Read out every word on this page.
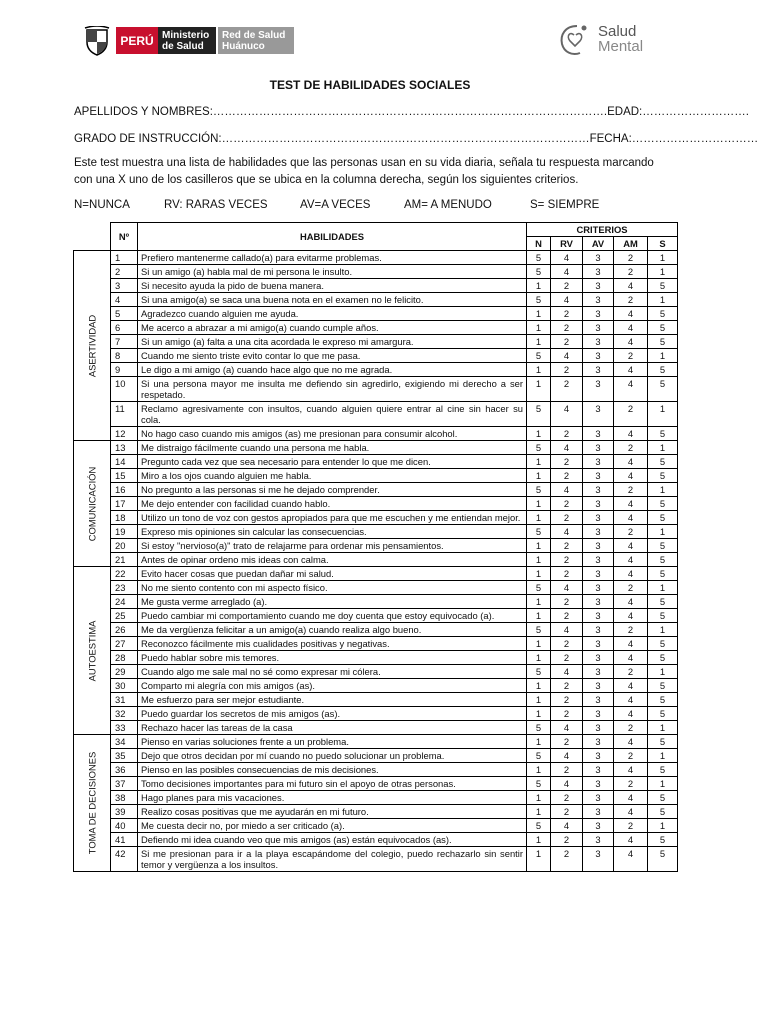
PERÚ Ministerio
de Salud
Red de Salud
Huánuco
Salud
Mental
TEST DE HABILIDADES SOCIALES
APELLIDOS Y NOMBRES:………………………………………………………………………………………….EDAD:……………………….
GRADO DE INSTRUCCIÓN:……………………………………………………………………………………FECHA:……………………………
Este test muestra una lista de habilidades que las personas usan en su vida diaria, señala tu respuesta marcando con una X uno de los casilleros que se ubica en la columna derecha, según los siguientes criterios.
N=NUNCA	RV: RARAS VECES	AV=A VECES	AM= A MENUDO	S= SIEMPRE
	Nº	HABILIDADES	CRITERIOS				
			N	RV	AV	AM	S

ASERTIVIDAD	1	Prefiero mantenerme callado(a) para evitarme problemas.	5	4	3	2	1
	2	Si un amigo (a) habla mal de mi persona le insulto.	5	4	3	2	1
	3	Si necesito ayuda la pido de buena manera.	1	2	3	4	5
	4	Si una amigo(a) se saca una buena nota en el examen no le felicito.	5	4	3	2	1
	5	Agradezco cuando alguien me ayuda.	1	2	3	4	5
	6	Me acerco a abrazar a mi amigo(a) cuando cumple años.	1	2	3	4	5
	7	Si un amigo (a) falta a una cita acordada le expreso mi amargura.	1	2	3	4	5
	8	Cuando me siento triste evito contar lo que me pasa.	5	4	3	2	1
	9	Le digo a mi amigo (a) cuando hace algo que no me agrada.	1	2	3	4	5
	10	Si una persona mayor me insulta me defiendo sin agredirlo, exigiendo mi derecho a ser respetado.	1	2	3	4	5
	11	Reclamo agresivamente con insultos, cuando alguien quiere entrar al cine sin hacer su cola.	5	4	3	2	1
	12	No hago caso cuando mis amigos (as) me presionan para consumir alcohol.	1	2	3	4	5

COMUNICACIÓN	13	Me distraigo fácilmente cuando una persona me habla.	5	4	3	2	1
	14	Pregunto cada vez que sea necesario para entender lo que me dicen.	1	2	3	4	5
	15	Miro a los ojos cuando alguien me habla.	1	2	3	4	5
	16	No pregunto a las personas si me he dejado comprender.	5	4	3	2	1
	17	Me dejo entender con facilidad cuando hablo.	1	2	3	4	5
	18	Utilizo un tono de voz con gestos apropiados para que me escuchen y me entiendan mejor.	1	2	3	4	5
	19	Expreso mis opiniones sin calcular las consecuencias.	5	4	3	2	1
	20	Si estoy "nervioso(a)" trato de relajarme para ordenar mis pensamientos.	1	2	3	4	5
	21	Antes de opinar ordeno mis ideas con calma.	1	2	3	4	5

AUTOESTIMA	22	Evito hacer cosas que puedan dañar mi salud.	1	2	3	4	5
	23	No me siento contento con mi aspecto físico.	5	4	3	2	1
	24	Me gusta verme arreglado (a).	1	2	3	4	5
	25	Puedo cambiar mi comportamiento cuando me doy cuenta que estoy equivocado (a).	1	2	3	4	5
	26	Me da vergüenza felicitar a un amigo(a) cuando realiza algo bueno.	5	4	3	2	1
	27	Reconozco fácilmente mis cualidades positivas y negativas.	1	2	3	4	5
	28	Puedo hablar sobre mis temores.	1	2	3	4	5
	29	Cuando algo me sale mal no sé como expresar mi cólera.	5	4	3	2	1
	30	Comparto mi alegría con mis amigos (as).	1	2	3	4	5
	31	Me esfuerzo para ser mejor estudiante.	1	2	3	4	5
	32	Puedo guardar los secretos de mis amigos (as).	1	2	3	4	5
	33	Rechazo hacer las tareas de la casa	5	4	3	2	1

TOMA DE DECISIONES	34	Pienso en varias soluciones frente a un problema.	1	2	3	4	5
	35	Dejo que otros decidan por mí cuando no puedo solucionar un problema.	5	4	3	2	1
	36	Pienso en las posibles consecuencias de mis decisiones.	1	2	3	4	5
	37	Tomo decisiones importantes para mi futuro sin el apoyo de otras personas.	5	4	3	2	1
	38	Hago planes para mis vacaciones.	1	2	3	4	5
	39	Realizo cosas positivas que me ayudarán en mi futuro.	1	2	3	4	5
	40	Me cuesta decir no, por miedo a ser criticado (a).	5	4	3	2	1
	41	Defiendo mi idea cuando veo que mis amigos (as) están equivocados (as).	1	2	3	4	5
	42	Si me presionan para ir a la playa escapándome del colegio, puedo rechazarlo sin sentir temor y vergüenza a los insultos.	1	2	3	4	5
